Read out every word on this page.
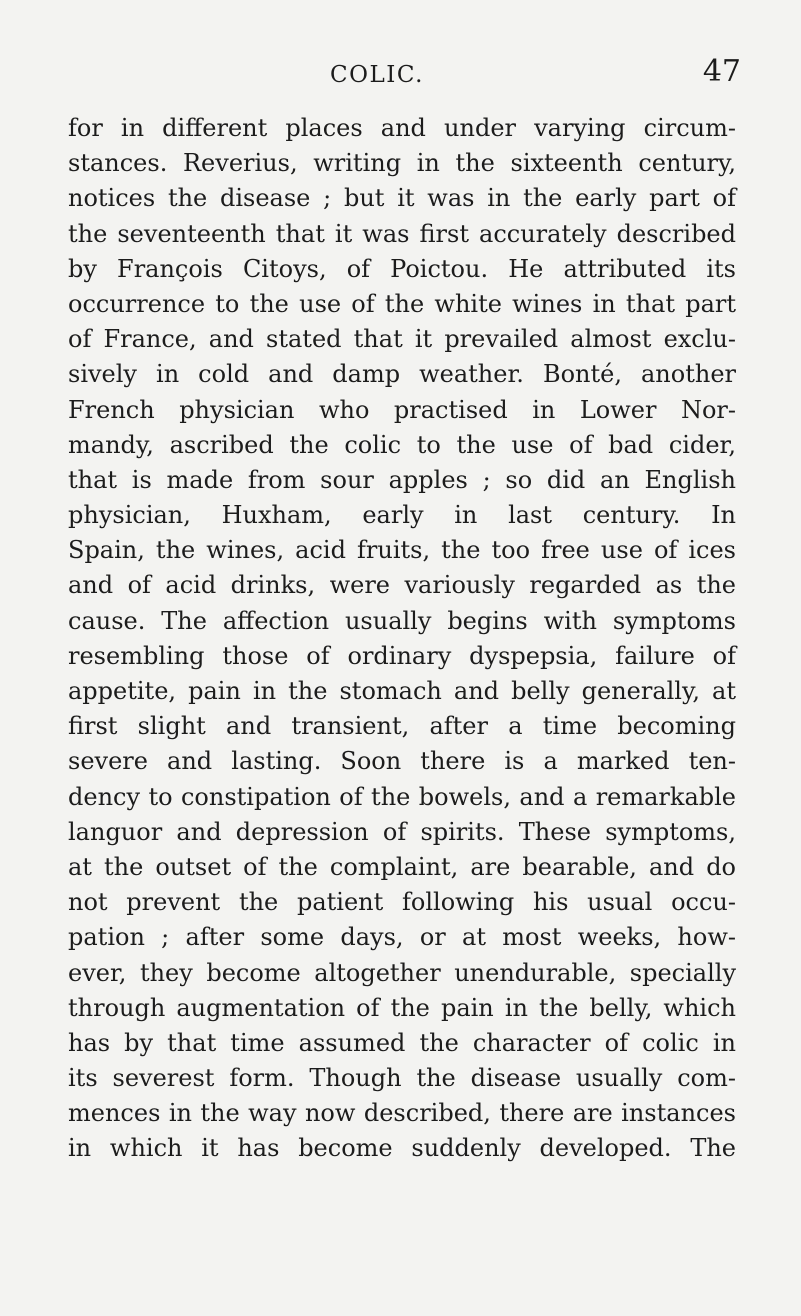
COLIC.	47
for in different places and under varying circum-
stances. Reverius, writing in the sixteenth century,
notices the disease ; but it was in the early part of
the seventeenth that it was first accurately described
by François Citoys, of Poictou. He attributed its
occurrence to the use of the white wines in that part
of France, and stated that it prevailed almost exclu-
sively in cold and damp weather. Bonté, another
French physician who practised in Lower Nor-
mandy, ascribed the colic to the use of bad cider,
that is made from sour apples ; so did an English
physician, Huxham, early in last century. In
Spain, the wines, acid fruits, the too free use of ices
and of acid drinks, were variously regarded as the
cause. The affection usually begins with symptoms
resembling those of ordinary dyspepsia, failure of
appetite, pain in the stomach and belly generally, at
first slight and transient, after a time becoming
severe and lasting. Soon there is a marked ten-
dency to constipation of the bowels, and a remarkable
languor and depression of spirits. These symptoms,
at the outset of the complaint, are bearable, and do
not prevent the patient following his usual occu-
pation ; after some days, or at most weeks, how-
ever, they become altogether unendurable, specially
through augmentation of the pain in the belly, which
has by that time assumed the character of colic in
its severest form. Though the disease usually com-
mences in the way now described, there are instances
in which it has become suddenly developed. The
